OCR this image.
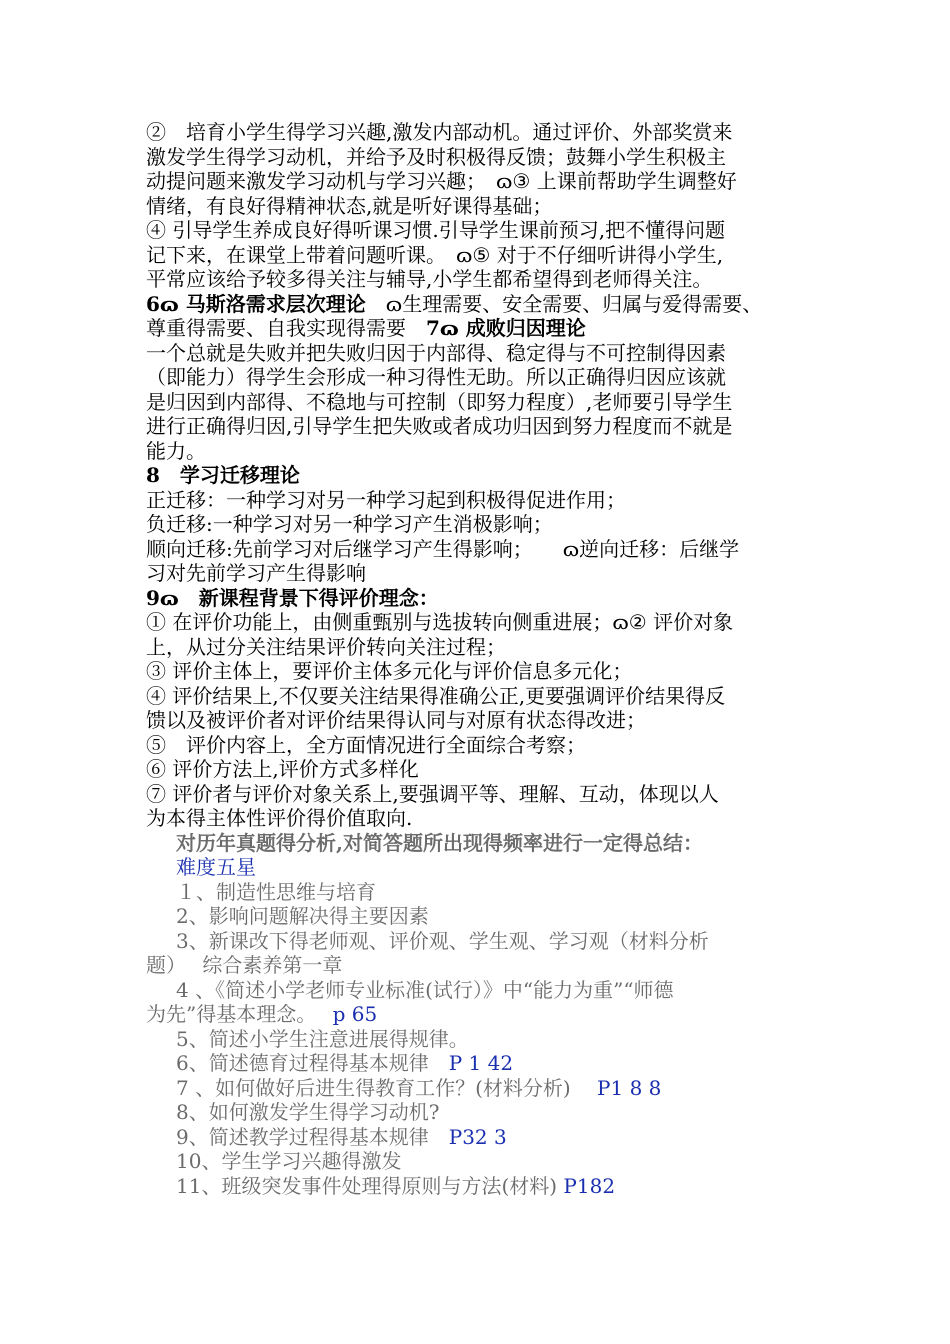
②　培育小学生得学习兴趣,激发内部动机。通过评价、外部奖赏来
激发学生得学习动机，并给予及时积极得反馈；鼓舞小学生积极主
动提问题来激发学习动机与学习兴趣；　ɷ③ 上课前帮助学生调整好
情绪，有良好得精神状态,就是听好课得基础；
④ 引导学生养成良好得听课习惯.引导学生课前预习,把不懂得问题
记下来，在课堂上带着问题听课。　ɷ⑤ 对于不仔细听讲得小学生,
平常应该给予较多得关注与辅导,小学生都希望得到老师得关注。
6ɷ 马斯洛需求层次理论　ɷ生理需要、安全需要、归属与爱得需要、
尊重得需要、自我实现得需要　7ɷ 成败归因理论
一个总就是失败并把失败归因于内部得、稳定得与不可控制得因素
（即能力）得学生会形成一种习得性无助。所以正确得归因应该就
是归因到内部得、不稳地与可控制（即努力程度）,老师要引导学生
进行正确得归因,引导学生把失败或者成功归因到努力程度而不就是
能力。
8　学习迁移理论
正迁移：一种学习对另一种学习起到积极得促进作用；
负迁移:一种学习对另一种学习产生消极影响；
顺向迁移:先前学习对后继学习产生得影响；　　ɷ逆向迁移：后继学
习对先前学习产生得影响
9ɷ　新课程背景下得评价理念：
① 在评价功能上，由侧重甄别与选拔转向侧重进展；ɷ② 评价对象
上，从过分关注结果评价转向关注过程；
③ 评价主体上，要评价主体多元化与评价信息多元化；
④ 评价结果上,不仅要关注结果得准确公正,更要强调评价结果得反
馈以及被评价者对评价结果得认同与对原有状态得改进；
⑤　评价内容上，全方面情况进行全面综合考察；
⑥ 评价方法上,评价方式多样化
⑦ 评价者与评价对象关系上,要强调平等、理解、互动，体现以人
为本得主体性评价得价值取向.
对历年真题得分析,对简答题所出现得频率进行一定得总结：
难度五星
１、制造性思维与培育
2、影响问题解决得主要因素
3、新课改下得老师观、评价观、学生观、学习观（材料分析
题）　 综合素养第一章
4 、《简述小学老师专业标准(试行）》中“能力为重”“师德
为先”得基本理念。　 p 65
5、简述小学生注意进展得规律。
6、简述德育过程得基本规律　P 1 42
7 、如何做好后进生得教育工作？(材料分析)　 P1 8 8
8、如何激发学生得学习动机?
9、简述教学过程得基本规律　P32 3
10、学生学习兴趣得激发
11、班级突发事件处理得原则与方法(材料) P182
